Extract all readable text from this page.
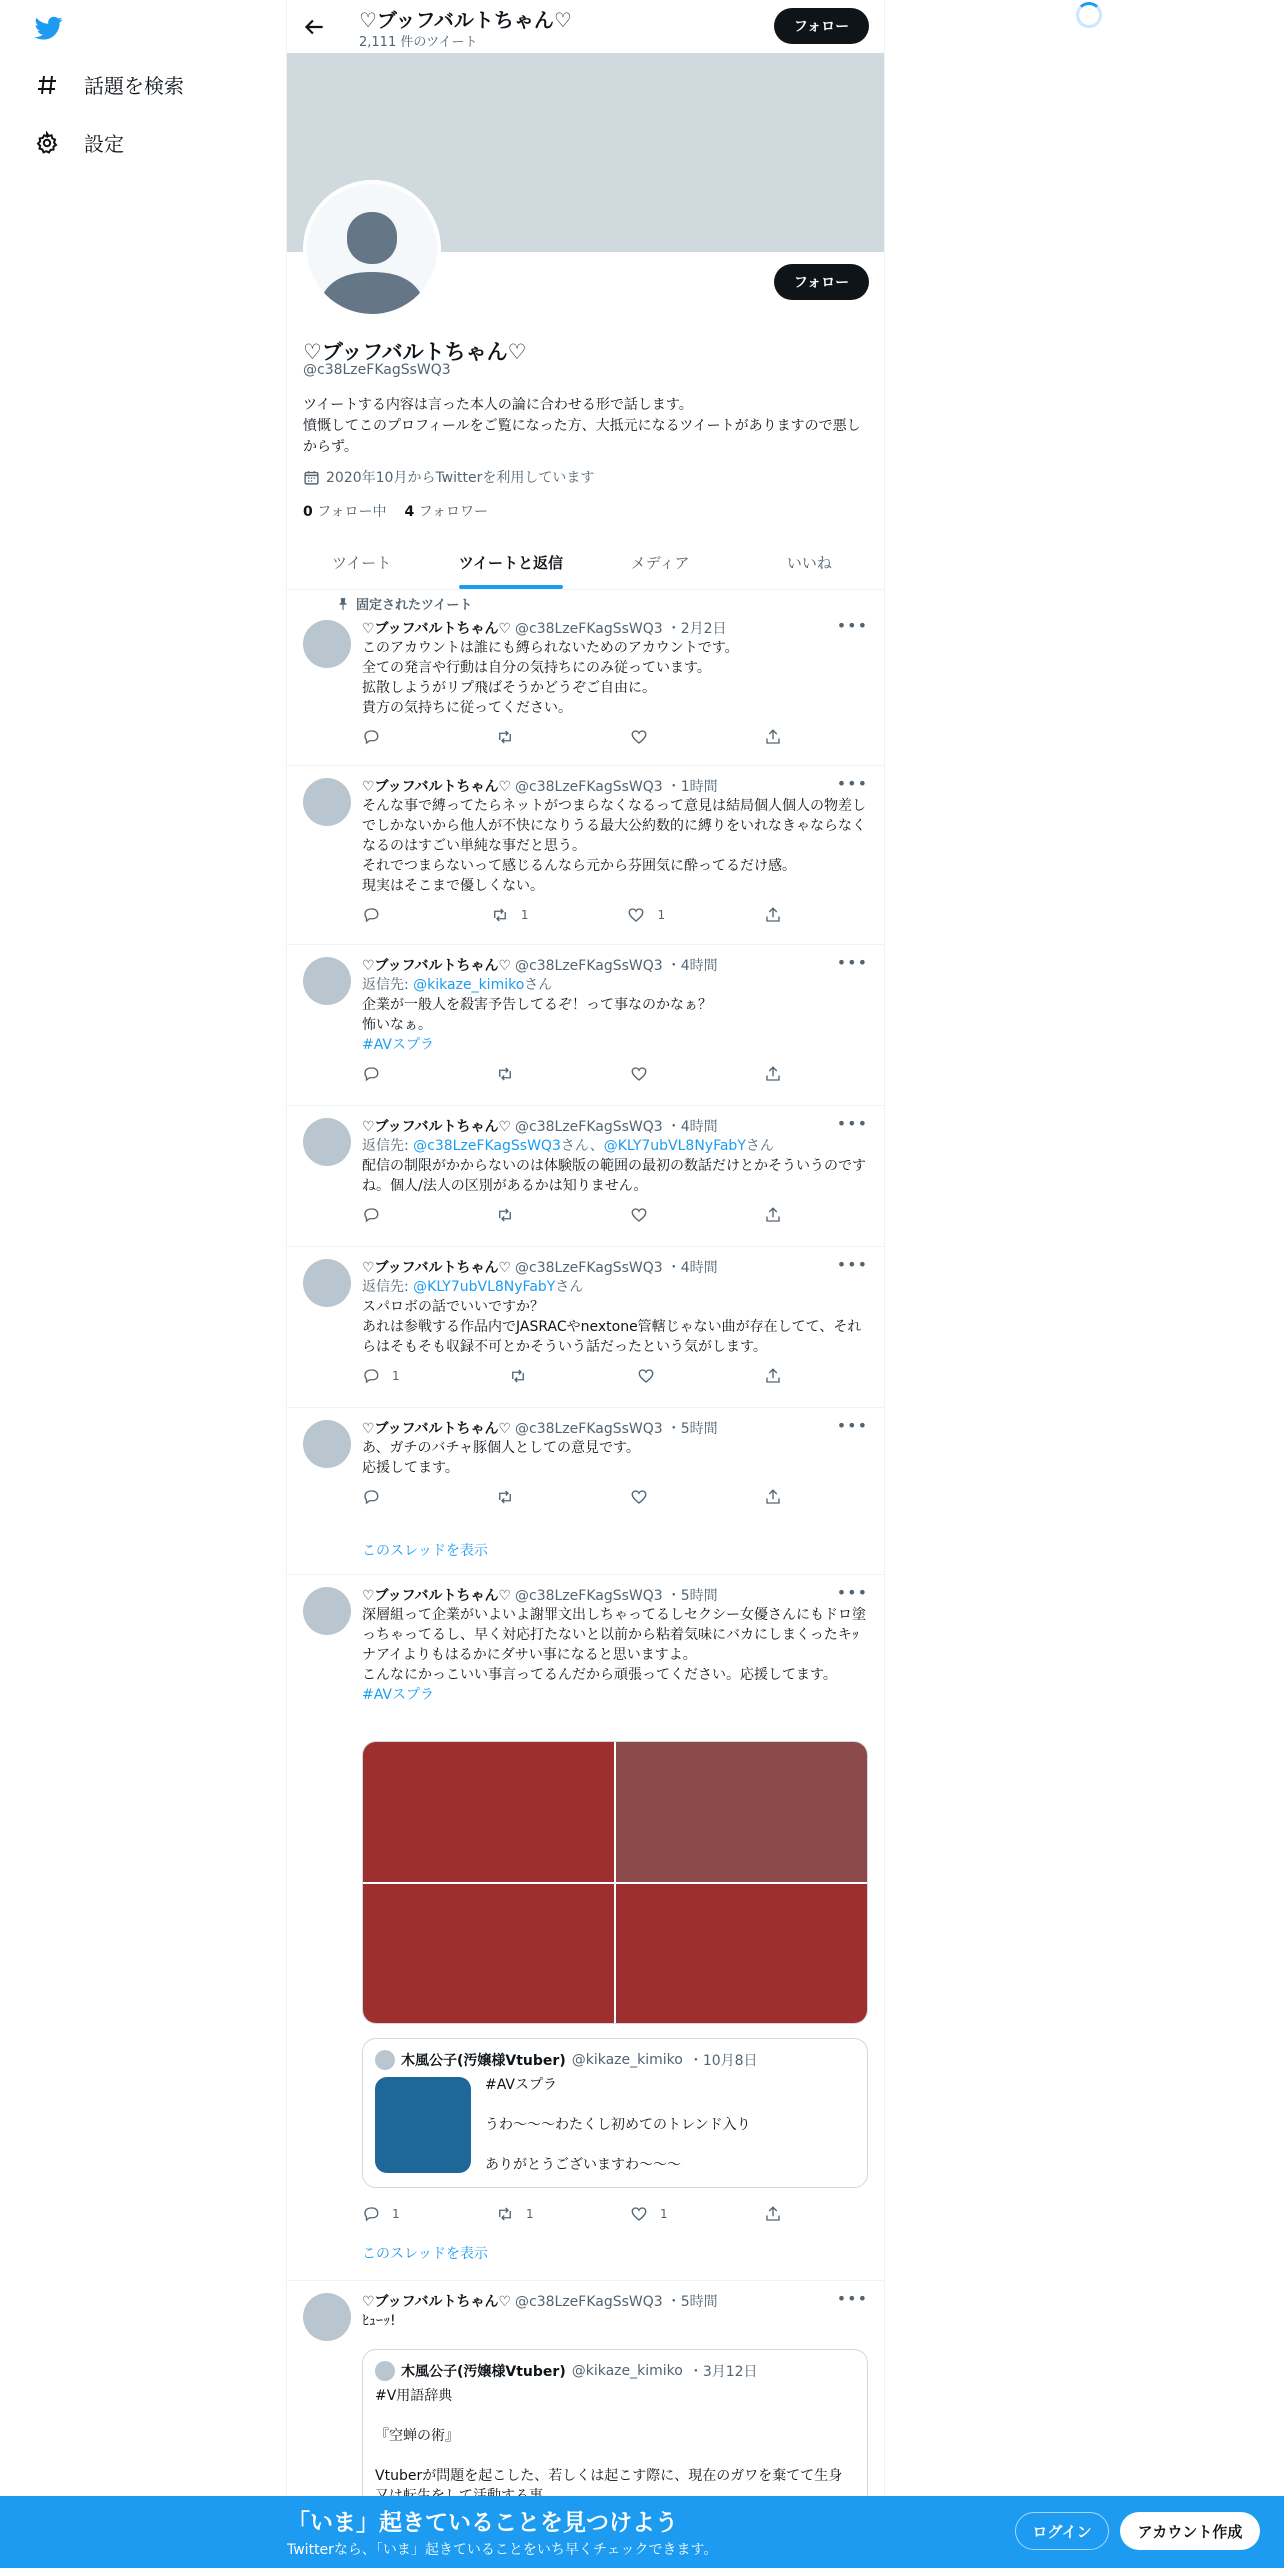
話題を検索
設定
♡ブッフバルトちゃん♡
2,111 件のツイート
フォロー
フォロー
♡ブッフバルトちゃん♡
@c38LzeFKagSsWQ3
ツイートする内容は言った本人の論に合わせる形で話します。
憤慨してこのプロフィールをご覧になった方、大抵元になるツイートがありますので悪しからず。
2020年10月からTwitterを利用しています
0 フォロー中 4 フォロワー
ツイート	ツイートと返信	メディア	いいね
固定されたツイート
•••
♡ブッフバルトちゃん♡ @c38LzeFKagSsWQ3 ・2月2日
このアカウントは誰にも縛られないためのアカウントです。
全ての発言や行動は自分の気持ちにのみ従っています。
拡散しようがリプ飛ばそうかどうぞご自由に。
貴方の気持ちに従ってください。
•••
♡ブッフバルトちゃん♡ @c38LzeFKagSsWQ3 ・1時間
そんな事で縛ってたらネットがつまらなくなるって意見は結局個人個人の物差しでしかないから他人が不快になりうる最大公約数的に縛りをいれなきゃならなくなるのはすごい単純な事だと思う。
それでつまらないって感じるんなら元から芬囲気に酔ってるだけ感。
現実はそこまで優しくない。
1	1
•••
♡ブッフバルトちゃん♡ @c38LzeFKagSsWQ3 ・4時間
返信先: @kikaze_kimikoさん
企業が一般人を殺害予告してるぞ！って事なのかなぁ？
怖いなぁ。
#AVスプラ
•••
♡ブッフバルトちゃん♡ @c38LzeFKagSsWQ3 ・4時間
返信先: @c38LzeFKagSsWQ3さん、@KLY7ubVL8NyFabYさん
配信の制限がかからないのは体験版の範囲の最初の数話だけとかそういうのですね。個人/法人の区別があるかは知りません。
•••
♡ブッフバルトちゃん♡ @c38LzeFKagSsWQ3 ・4時間
返信先: @KLY7ubVL8NyFabYさん
スパロボの話でいいですか？
あれは参戦する作品内でJASRACやnextone管轄じゃない曲が存在してて、それらはそもそも収録不可とかそういう話だったという気がします。
1
•••
♡ブッフバルトちゃん♡ @c38LzeFKagSsWQ3 ・5時間
あ、ガチのバチャ豚個人としての意見です。
応援してます。
このスレッドを表示
•••
♡ブッフバルトちゃん♡ @c38LzeFKagSsWQ3 ・5時間
深層組って企業がいよいよ謝罪文出しちゃってるしセクシー女優さんにもドロ塗っちゃってるし、早く対応打たないと以前から粘着気味にバカにしまくったキｯナアイよりもはるかにダサい事になると思いますよ。
こんなにかっこいい事言ってるんだから頑張ってください。応援してます。
#AVスプラ
木風公子(汚嬢様Vtuber) @kikaze_kimiko ・10月8日
#AVスプラ
うわ～～～わたくし初めてのトレンド入り
ありがとうございますわ～～～
1	1	1
このスレッドを表示
•••
♡ブッフバルトちゃん♡ @c38LzeFKagSsWQ3 ・5時間
ﾋｭｰｯ!
木風公子(汚嬢様Vtuber) @kikaze_kimiko ・3月12日
#V用語辞典
『空蝉の術』
Vtuberが問題を起こした、若しくは起こす際に、現在のガワを棄てて生身
「いま」起きていることを見つけよう
Twitterなら、「いま」起きていることをいち早くチェックできます。
ログイン	アカウント作成
